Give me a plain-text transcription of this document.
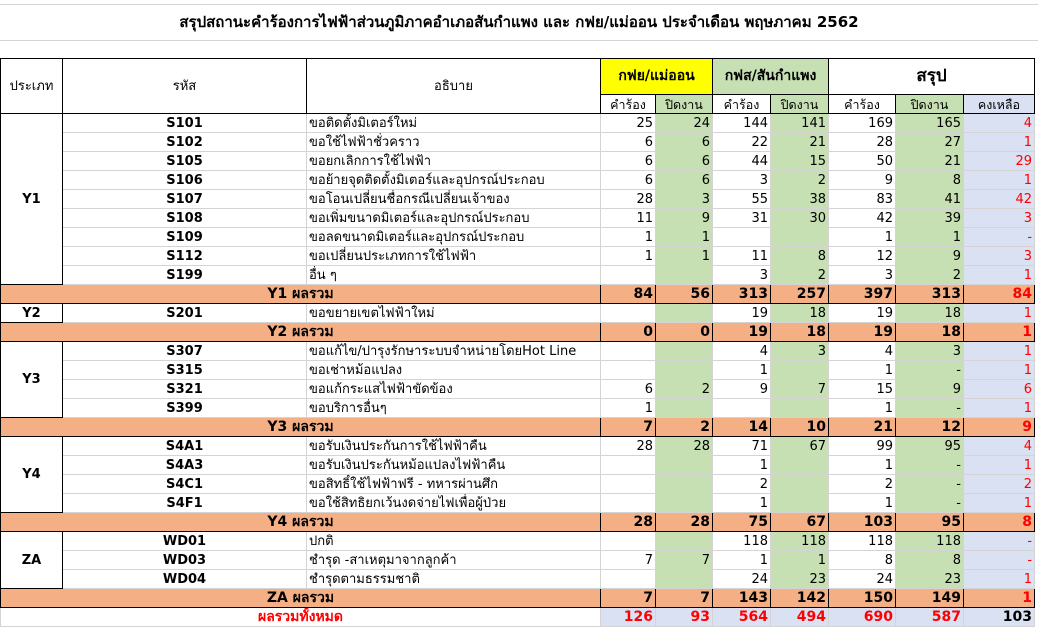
สรุปสถานะคำร้องการไฟฟ้าส่วนภูมิภาคอำเภอสันกำแพง และ กฟย/แม่ออน ประจำเดือน พฤษภาคม 2562
ประเภท	รหัส	อธิบาย	กฟย/แม่ออน		กฟส/สันกำแพง		สรุป		
			คำร้อง	ปิดงาน	คำร้อง	ปิดงาน	คำร้อง	ปิดงาน	คงเหลือ
Y1	S101	ขอติดตั้งมิเตอร์ใหม่	25	24	144	141	169	165	4
	S102	ขอใช้ไฟฟ้าชั่วคราว	6	6	22	21	28	27	1
	S105	ขอยกเลิกการใช้ไฟฟ้า	6	6	44	15	50	21	29
	S106	ขอย้ายจุดติดตั้งมิเตอร์และอุปกรณ์ประกอบ	6	6	3	2	9	8	1
	S107	ขอโอนเปลี่ยนชื่อกรณีเปลี่ยนเจ้าของ	28	3	55	38	83	41	42
	S108	ขอเพิ่มขนาดมิเตอร์และอุปกรณ์ประกอบ	11	9	31	30	42	39	3
	S109	ขอลดขนาดมิเตอร์และอุปกรณ์ประกอบ	1	1			1	1	-
	S112	ขอเปลี่ยนประเภทการใช้ไฟฟ้า	1	1	11	8	12	9	3
	S199	อื่น ๆ			3	2	3	2	1
Y1 ผลรวม			84	56	313	257	397	313	84
Y2	S201	ขอขยายเขตไฟฟ้าใหม่			19	18	19	18	1
Y2 ผลรวม			0	0	19	18	19	18	1
Y3	S307	ขอแก้ไข/ปารุงรักษาระบบจำหน่ายโดยHot Line			4	3	4	3	1
	S315	ขอเช่าหม้อแปลง			1		1	-	1
	S321	ขอแก้กระแสไฟฟ้าขัดข้อง	6	2	9	7	15	9	6
	S399	ขอบริการอื่นๆ	1				1	-	1
Y3 ผลรวม			7	2	14	10	21	12	9
Y4	S4A1	ขอรับเงินประกันการใช้ไฟฟ้าคืน	28	28	71	67	99	95	4
	S4A3	ขอรับเงินประกันหม้อแปลงไฟฟ้าคืน			1		1	-	1
	S4C1	ขอสิทธิ์ใช้ไฟฟ้าฟรี - ทหารผ่านศึก			2		2	-	2
	S4F1	ขอใช้สิทธิยกเว้นงดจ่ายไฟเพื่อผู้ป่วย			1		1	-	1
Y4 ผลรวม			28	28	75	67	103	95	8
ZA	WD01	ปกติ			118	118	118	118	-
	WD03	ชำรุด -สาเหตุมาจากลูกค้า	7	7	1	1	8	8	-
	WD04	ชำรุดตามธรรมชาติ			24	23	24	23	1
ZA ผลรวม			7	7	143	142	150	149	1
ผลรวมทั้งหมด			126	93	564	494	690	587	103
